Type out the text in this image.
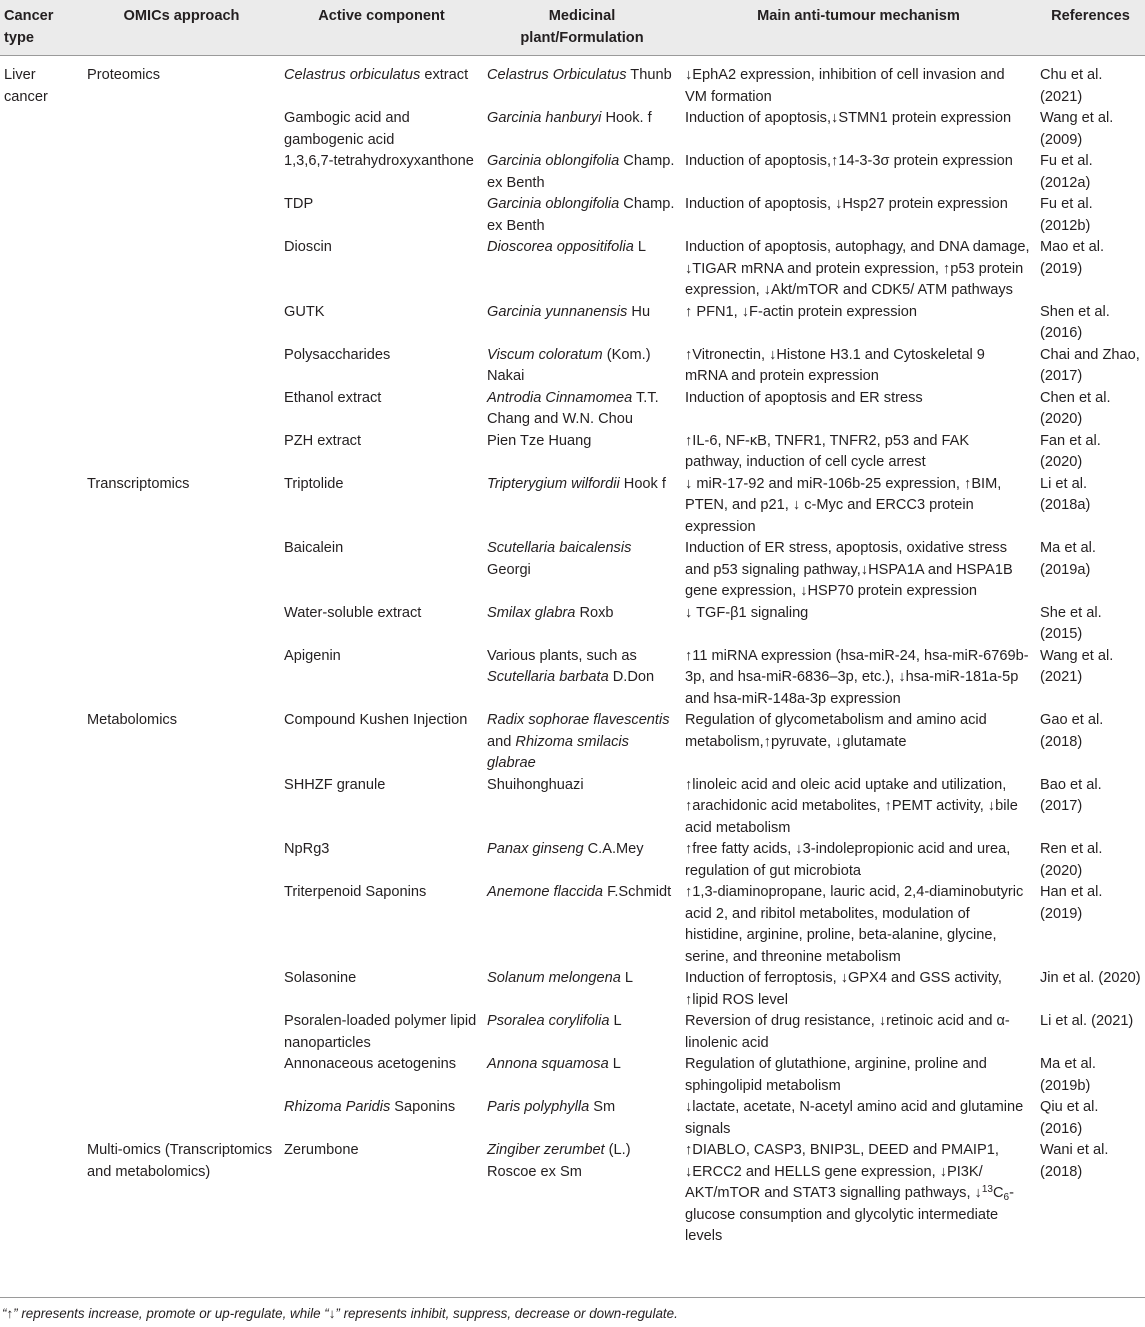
Cancer type	OMICs approach	Active component	Medicinal plant/Formulation	Main anti-tumour mechanism	References
Liver cancer	Proteomics	Celastrus orbiculatus extract	Celastrus Orbiculatus Thunb	↓EphA2 expression, inhibition of cell invasion and VM formation	Chu et al. (2021)
		Gambogic acid and gambogenic acid	Garcinia hanburyi Hook. f	Induction of apoptosis,↓STMN1 protein expression	Wang et al. (2009)
		1,3,6,7-tetrahydroxyxanthone	Garcinia oblongifolia Champ. ex Benth	Induction of apoptosis,↑14-3-3σ protein expression	Fu et al. (2012a)
		TDP	Garcinia oblongifolia Champ. ex Benth	Induction of apoptosis, ↓Hsp27 protein expression	Fu et al. (2012b)
		Dioscin	Dioscorea oppositifolia L	Induction of apoptosis, autophagy, and DNA damage, ↓TIGAR mRNA and protein expression, ↑p53 protein expression, ↓Akt/mTOR and CDK5/ ATM pathways	Mao et al. (2019)
		GUTK	Garcinia yunnanensis Hu	↑ PFN1, ↓F-actin protein expression	Shen et al. (2016)
		Polysaccharides	Viscum coloratum (Kom.) Nakai	↑Vitronectin, ↓Histone H3.1 and Cytoskeletal 9 mRNA and protein expression	Chai and Zhao, (2017)
		Ethanol extract	Antrodia Cinnamomea T.T. Chang and W.N. Chou	Induction of apoptosis and ER stress	Chen et al. (2020)
		PZH extract	Pien Tze Huang	↑IL-6, NF-κB, TNFR1, TNFR2, p53 and FAK pathway, induction of cell cycle arrest	Fan et al. (2020)
	Transcriptomics	Triptolide	Tripterygium wilfordii Hook f	↓ miR-17-92 and miR-106b-25 expression, ↑BIM, PTEN, and p21, ↓ c-Myc and ERCC3 protein expression	Li et al. (2018a)
		Baicalein	Scutellaria baicalensis Georgi	Induction of ER stress, apoptosis, oxidative stress and p53 signaling pathway,↓HSPA1A and HSPA1B gene expression, ↓HSP70 protein expression	Ma et al. (2019a)
		Water-soluble extract	Smilax glabra Roxb	↓ TGF-β1 signaling	She et al. (2015)
		Apigenin	Various plants, such as Scutellaria barbata D.Don	↑11 miRNA expression (hsa-miR-24, hsa-miR-6769b-3p, and hsa-miR-6836–3p, etc.), ↓hsa-miR-181a-5p and hsa-miR-148a-3p expression	Wang et al. (2021)
	Metabolomics	Compound Kushen Injection	Radix sophorae flavescentis and Rhizoma smilacis glabrae	Regulation of glycometabolism and amino acid metabolism,↑pyruvate, ↓glutamate	Gao et al. (2018)
		SHHZF granule	Shuihonghuazi	↑linoleic acid and oleic acid uptake and utilization, ↑arachidonic acid metabolites, ↑PEMT activity, ↓bile acid metabolism	Bao et al. (2017)
		NpRg3	Panax ginseng C.A.Mey	↑free fatty acids, ↓3-indolepropionic acid and urea, regulation of gut microbiota	Ren et al. (2020)
		Triterpenoid Saponins	Anemone flaccida F.Schmidt	↑1,3-diaminopropane, lauric acid, 2,4-diaminobutyric acid 2, and ribitol metabolites, modulation of histidine, arginine, proline, beta-alanine, glycine, serine, and threonine metabolism	Han et al. (2019)
		Solasonine	Solanum melongena L	Induction of ferroptosis, ↓GPX4 and GSS activity, ↑lipid ROS level	Jin et al. (2020)
		Psoralen-loaded polymer lipid nanoparticles	Psoralea corylifolia L	Reversion of drug resistance, ↓retinoic acid and α-linolenic acid	Li et al. (2021)
		Annonaceous acetogenins	Annona squamosa L	Regulation of glutathione, arginine, proline and sphingolipid metabolism	Ma et al. (2019b)
		Rhizoma Paridis Saponins	Paris polyphylla Sm	↓lactate, acetate, N-acetyl amino acid and glutamine signals	Qiu et al. (2016)
	Multi-omics (Transcriptomics and metabolomics)	Zerumbone	Zingiber zerumbet (L.) Roscoe ex Sm	↑DIABLO, CASP3, BNIP3L, DEED and PMAIP1, ↓ERCC2 and HELLS gene expression, ↓PI3K/ AKT/mTOR and STAT3 signalling pathways, $↓^{13}C_6$-glucose consumption and glycolytic intermediate levels	Wani et al. (2018)
“↑” represents increase, promote or up-regulate, while “↓” represents inhibit, suppress, decrease or down-regulate.
